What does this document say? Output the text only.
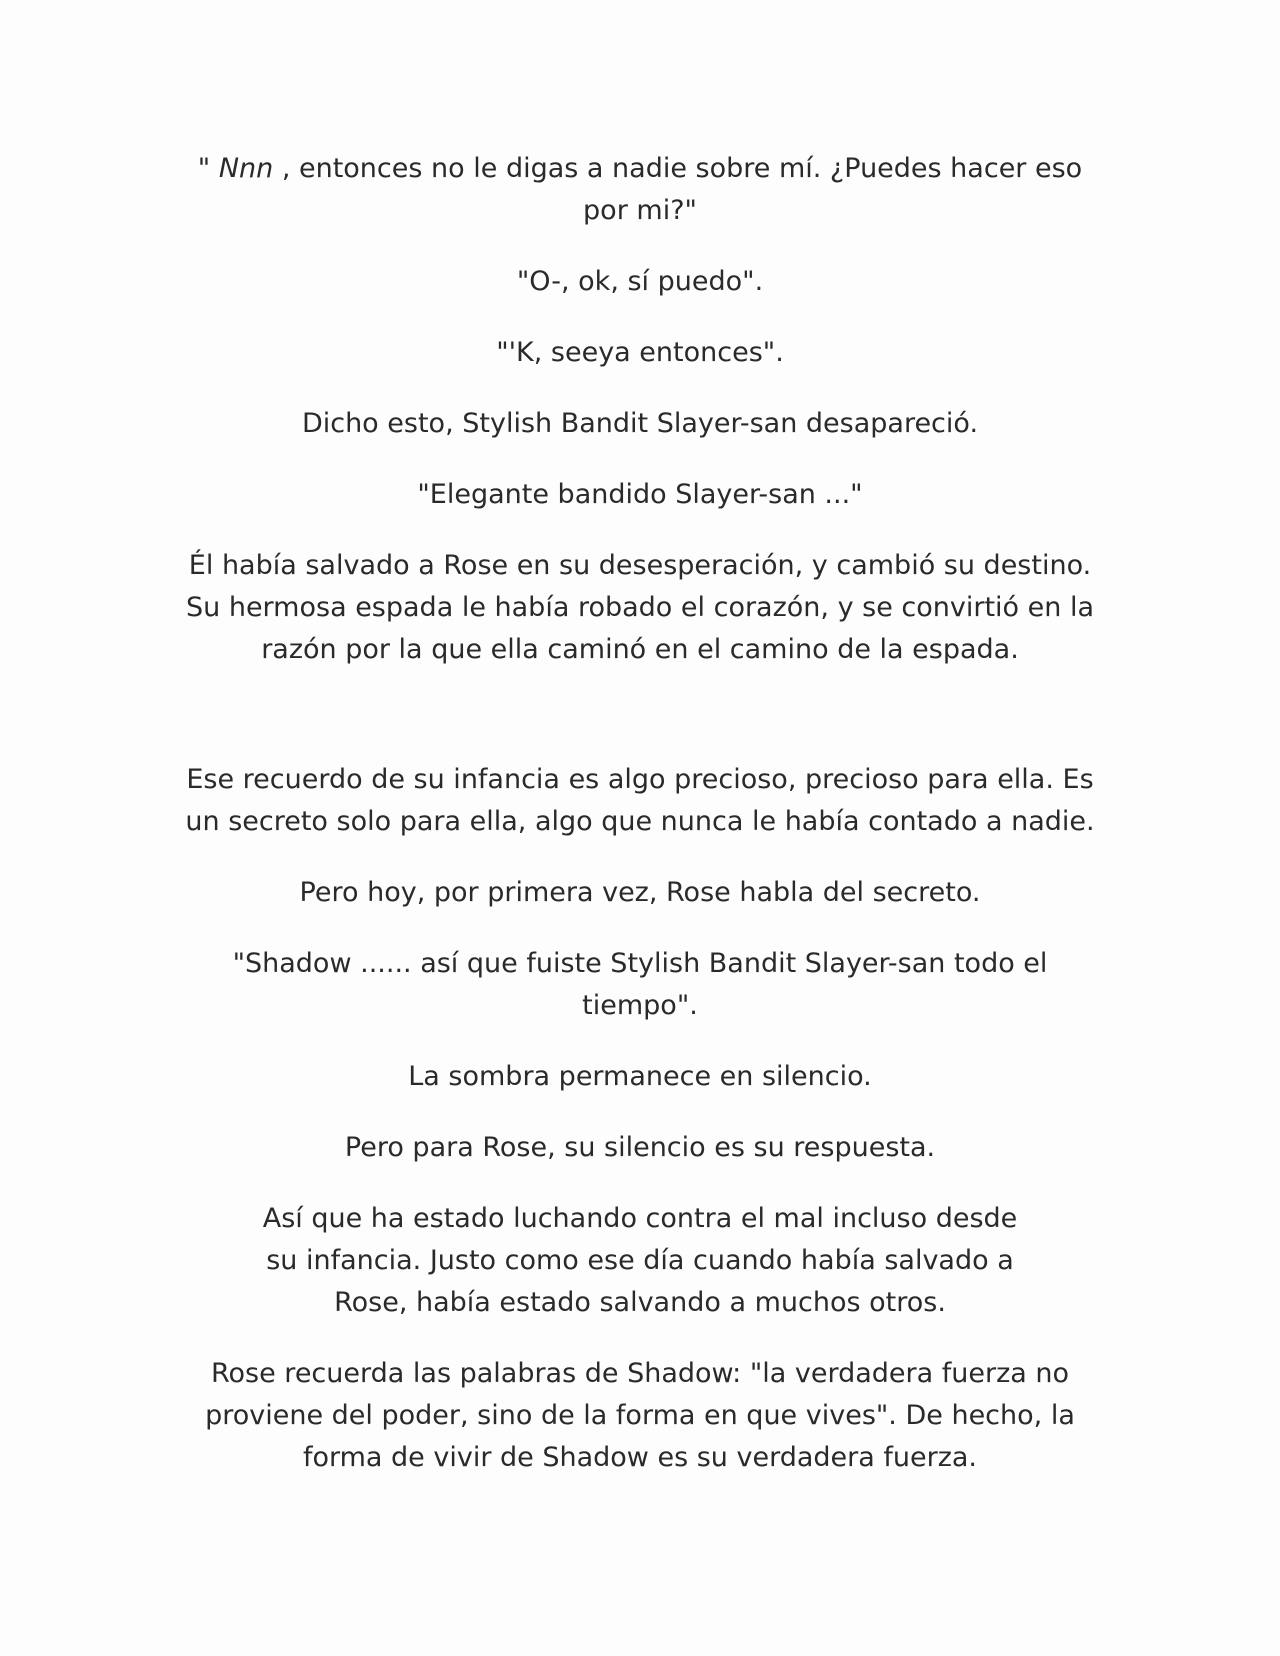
" Nnn , entonces no le digas a nadie sobre mí. ¿Puedes hacer eso por mi?"

"O-, ok, sí puedo".

"'K, seeya entonces".

Dicho esto, Stylish Bandit Slayer-san desapareció.

"Elegante bandido Slayer-san ..."

Él había salvado a Rose en su desesperación, y cambió su destino. Su hermosa espada le había robado el corazón, y se convirtió en la razón por la que ella caminó en el camino de la espada.

Ese recuerdo de su infancia es algo precioso, precioso para ella. Es un secreto solo para ella, algo que nunca le había contado a nadie.

Pero hoy, por primera vez, Rose habla del secreto.

"Shadow ...... así que fuiste Stylish Bandit Slayer-san todo el tiempo".

La sombra permanece en silencio.

Pero para Rose, su silencio es su respuesta.

Así que ha estado luchando contra el mal incluso desde su infancia. Justo como ese día cuando había salvado a Rose, había estado salvando a muchos otros.

Rose recuerda las palabras de Shadow: "la verdadera fuerza no proviene del poder, sino de la forma en que vives". De hecho, la forma de vivir de Shadow es su verdadera fuerza.
